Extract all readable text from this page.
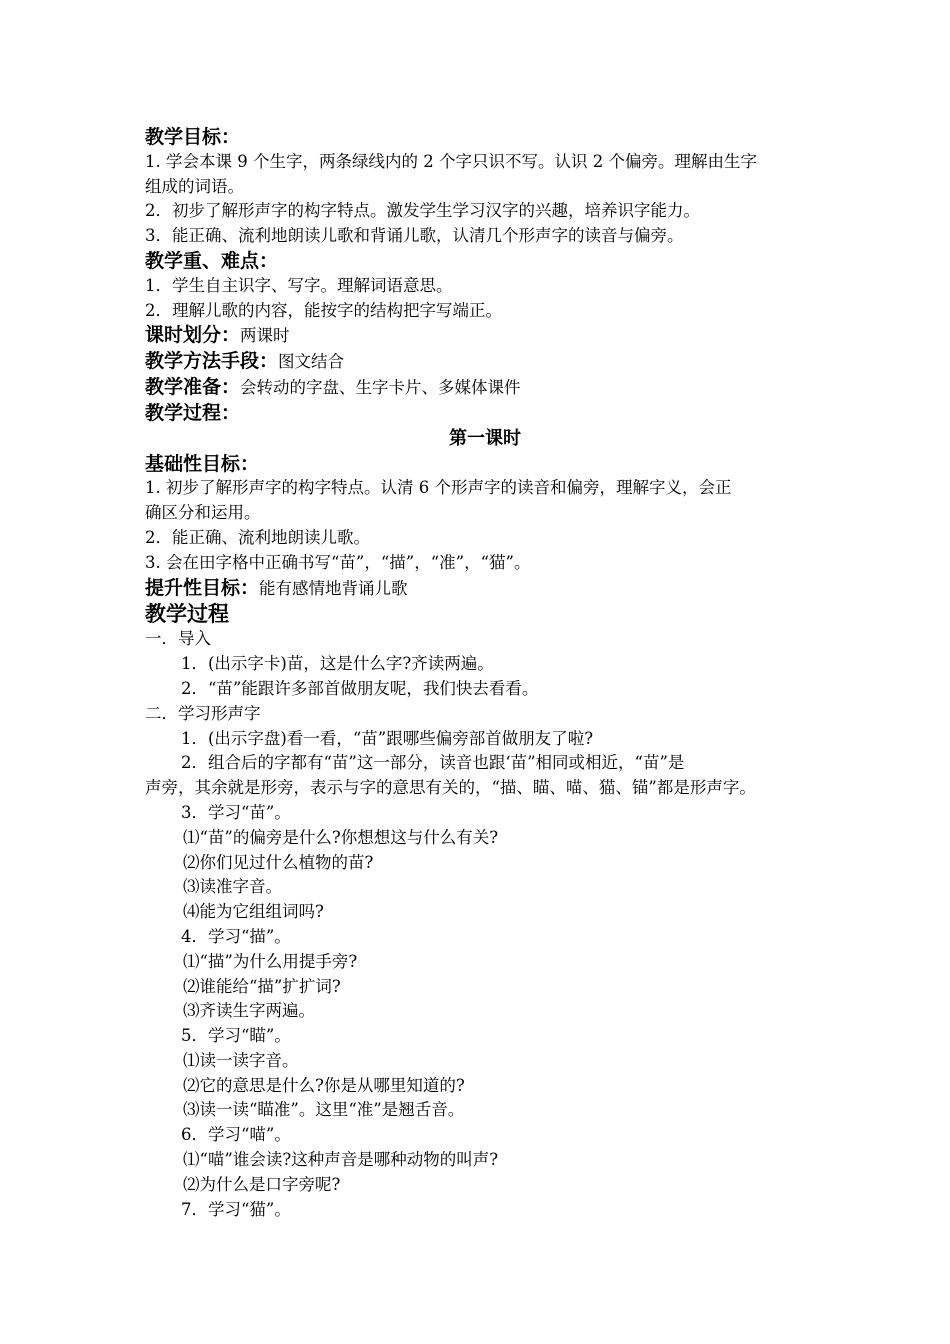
教学目标：
1. 学会本课 9 个生字，两条绿线内的 2 个字只识不写。认识 2 个偏旁。理解由生字
组成的词语。
2．初步了解形声字的构字特点。激发学生学习汉字的兴趣，培养识字能力。
3．能正确、流利地朗读儿歌和背诵儿歌，认清几个形声字的读音与偏旁。
教学重、难点：
1．学生自主识字、写字。理解词语意思。
2．理解儿歌的内容，能按字的结构把字写端正。
课时划分：两课时
教学方法手段：图文结合
教学准备：会转动的字盘、生字卡片、多媒体课件
教学过程：
第一课时
基础性目标：
1. 初步了解形声字的构字特点。认清 6 个形声字的读音和偏旁，理解字义，会正
确区分和运用。
2．能正确、流利地朗读儿歌。
3. 会在田字格中正确书写“苗”，“描”，“准”，“猫”。
提升性目标：能有感情地背诵儿歌
教学过程
一．导入
1．(出示字卡)苗，这是什么字?齐读两遍。
2．“苗”能跟许多部首做朋友呢，我们快去看看。
二．学习形声字
1．(出示字盘)看一看，“苗”跟哪些偏旁部首做朋友了啦?
2．组合后的字都有“苗”这一部分，读音也跟‘苗”相同或相近，“苗”是
声旁，其余就是形旁，表示与字的意思有关的，“描、瞄、喵、猫、锚”都是形声字。
3．学习“苗”。
⑴“苗”的偏旁是什么?你想想这与什么有关?
⑵你们见过什么植物的苗?
⑶读准字音。
⑷能为它组组词吗?
4．学习“描”。
⑴“描”为什么用提手旁?
⑵谁能给“描”扩扩词?
⑶齐读生字两遍。
5．学习“瞄”。
⑴读一读字音。
⑵它的意思是什么?你是从哪里知道的?
⑶读一读“瞄准”。这里“准”是翘舌音。
6．学习“喵”。
⑴“喵”谁会读?这种声音是哪种动物的叫声?
⑵为什么是口字旁呢?
7．学习“猫”。
